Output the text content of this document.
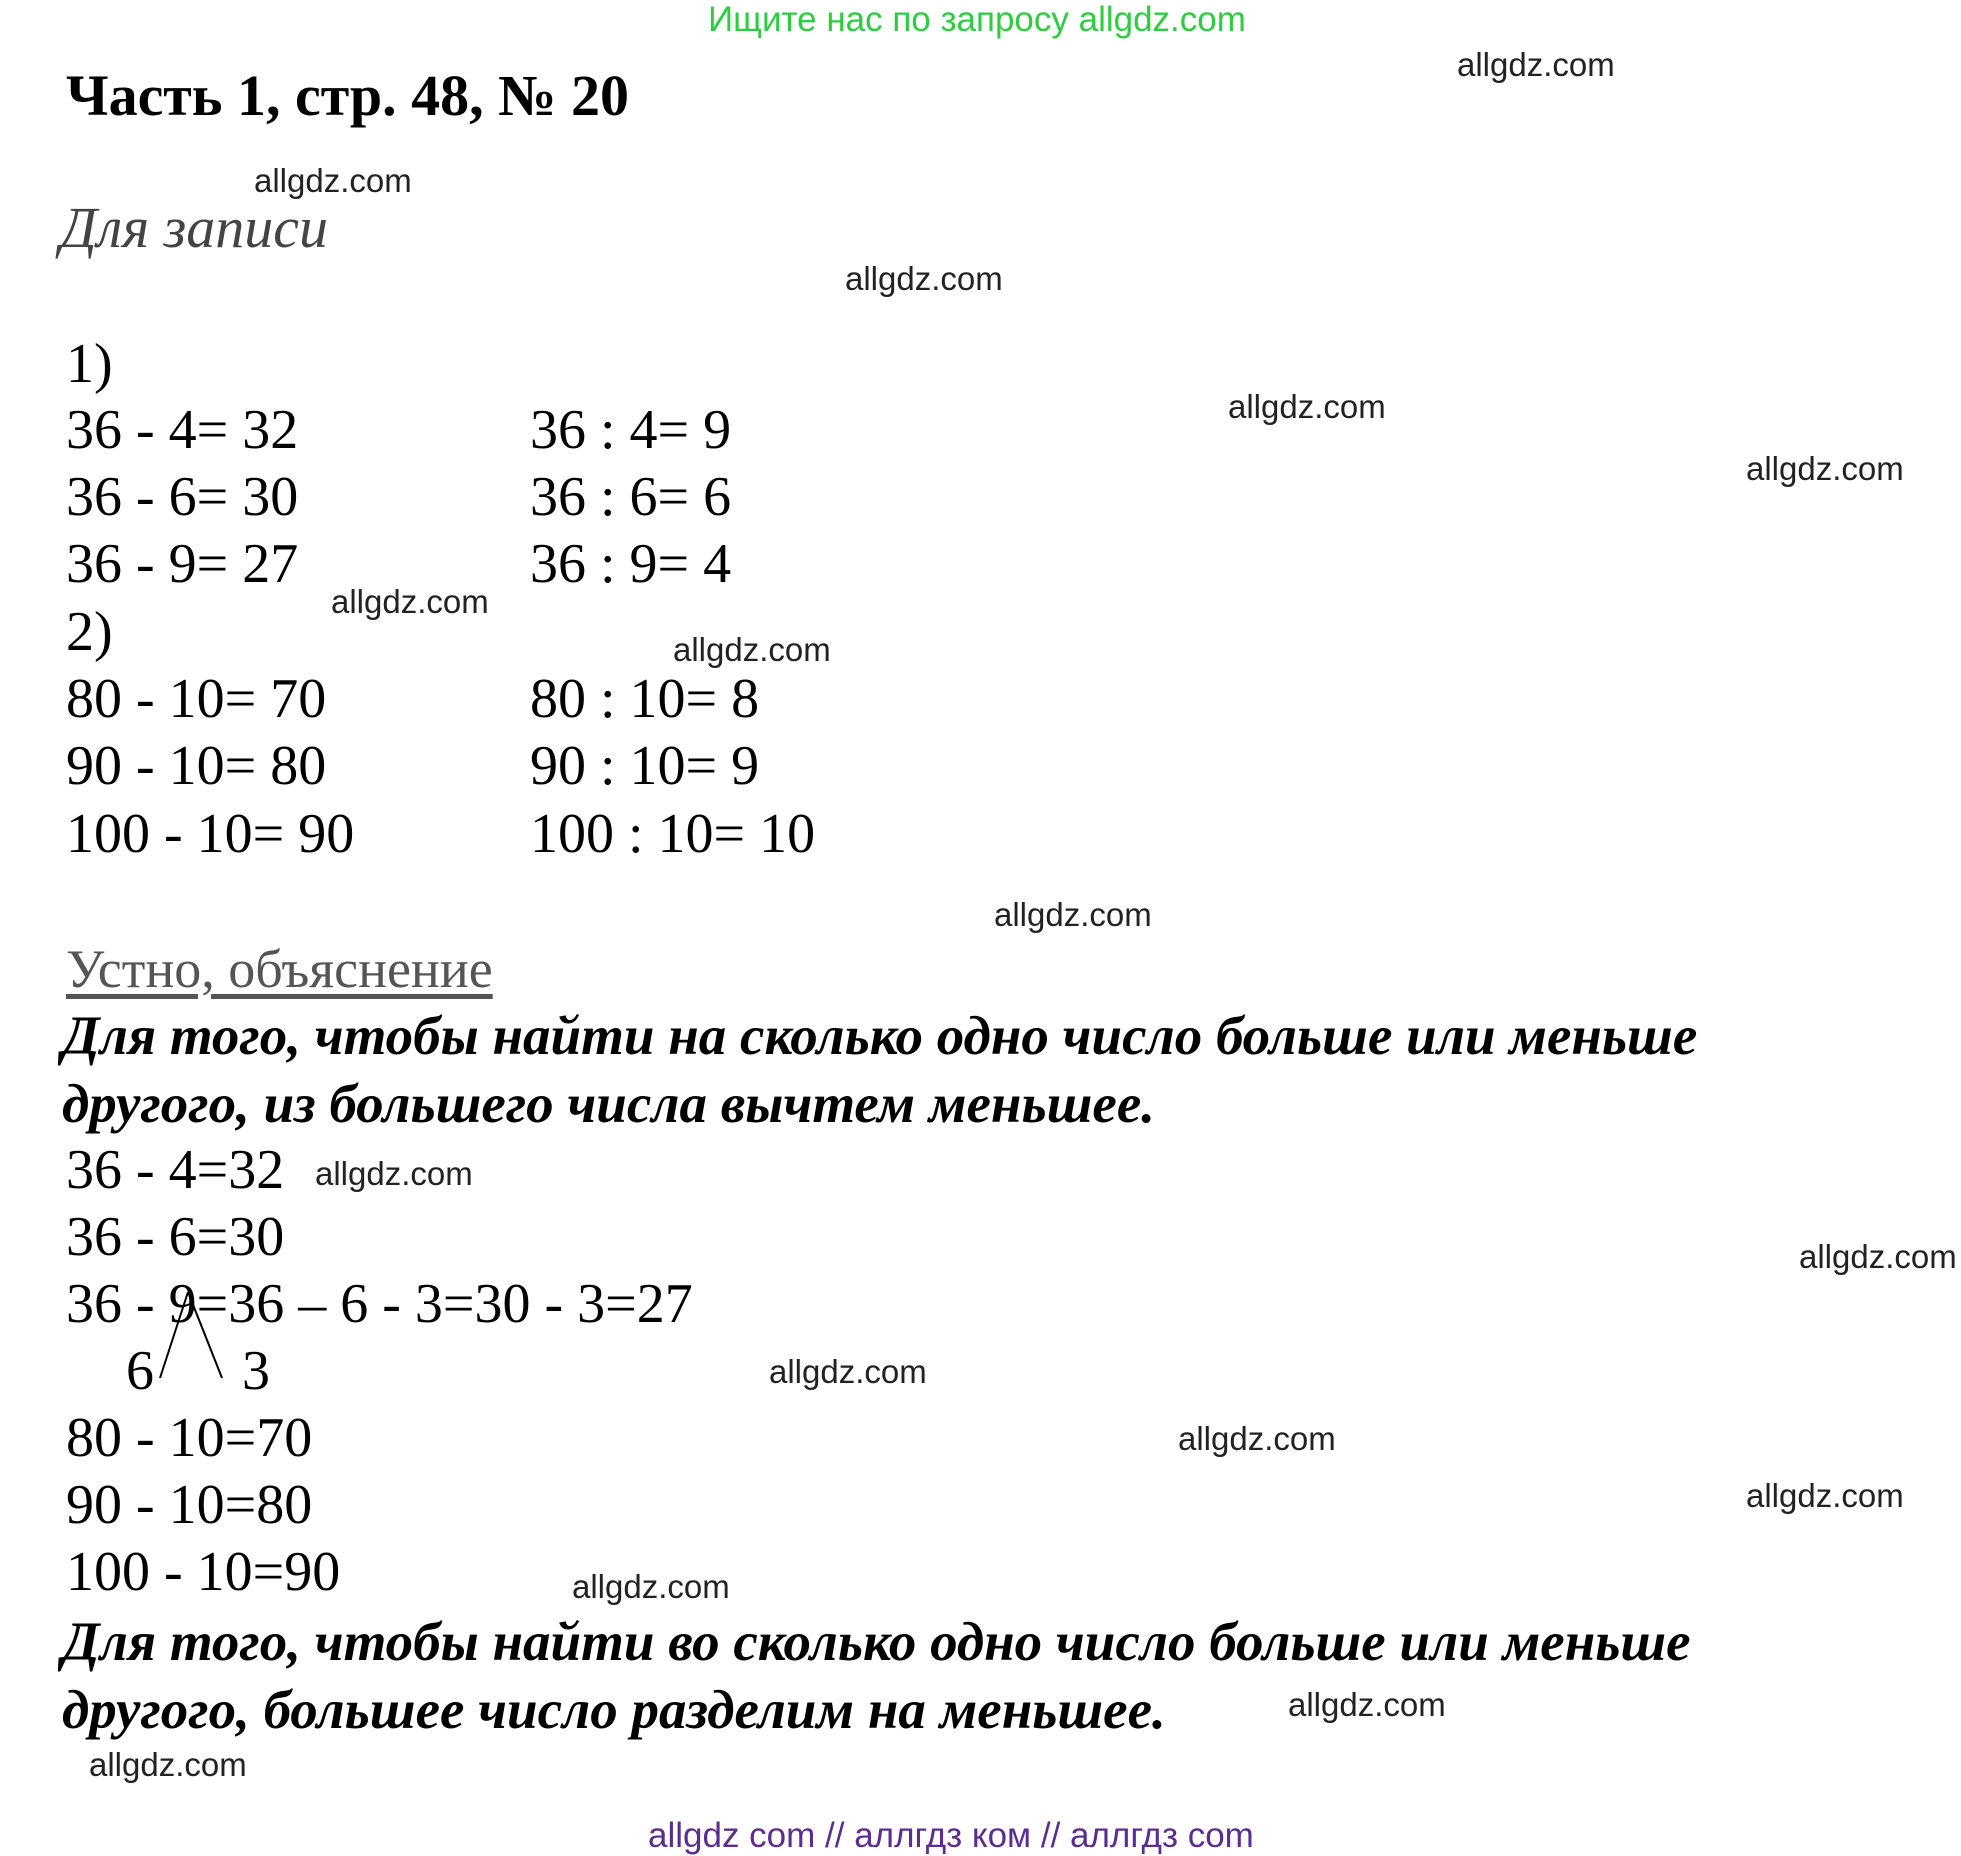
Ищите нас по запросу allgdz.com
Часть 1, стр. 48, № 20
Для записи
1)
36 - 4= 32
36 - 6= 30
36 - 9= 27
36 : 4= 9
36 : 6= 6
36 : 9= 4
2)
80 - 10= 70
90 - 10= 80
100 - 10= 90
80 : 10= 8
90 : 10= 9
100 : 10= 10
Устно, объяснение
Для того, чтобы найти на сколько одно число больше или меньше
другого, из большего числа вычтем меньшее.
36 - 4=32
36 - 6=30
36 - 9=36 – 6 - 3=30 - 3=27
6 3
80 - 10=70
90 - 10=80
100 - 10=90
Для того, чтобы найти во сколько одно число больше или меньше
другого, большее число разделим на меньшее.
allgdz.com
allgdz.com
allgdz.com
allgdz.com
allgdz.com
allgdz.com
allgdz.com
allgdz.com
allgdz.com
allgdz.com
allgdz.com
allgdz.com
allgdz.com
allgdz.com
allgdz.com
allgdz.com
allgdz com // аллгдз ком // аллгдз com
